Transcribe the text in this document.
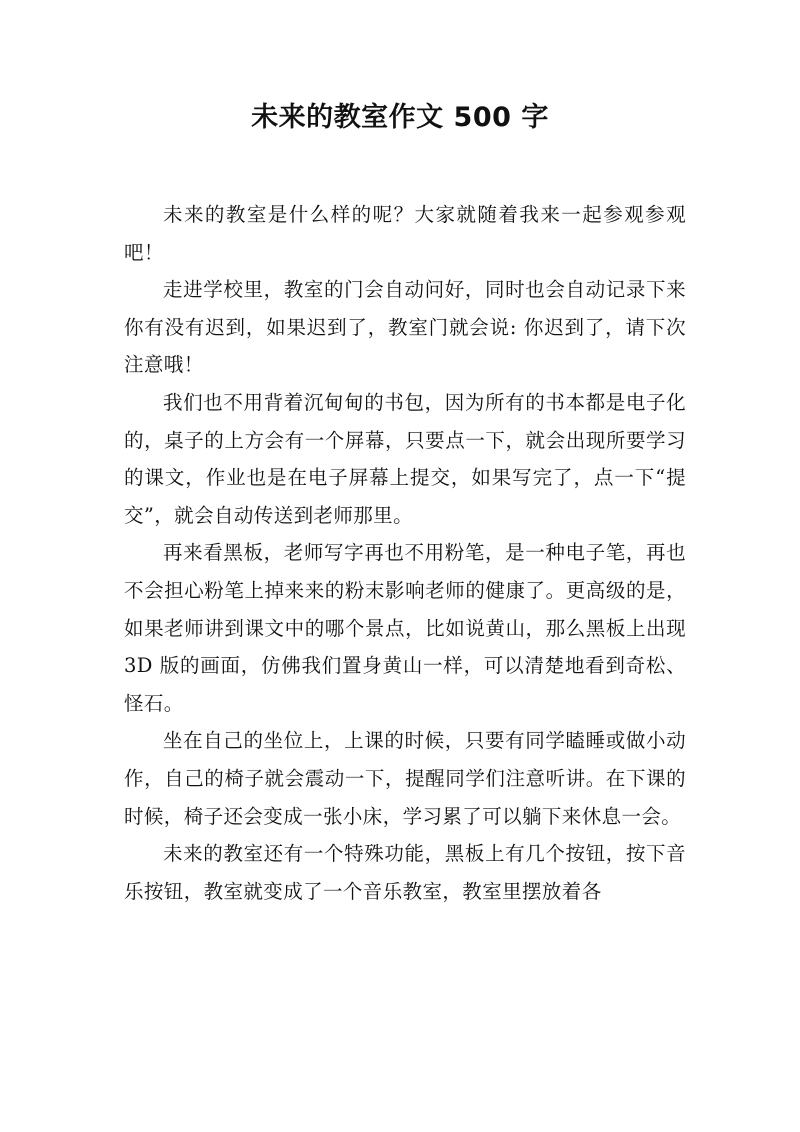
未来的教室作文 500 字

未来的教室是什么样的呢？大家就随着我来一起参观参观吧！

走进学校里，教室的门会自动问好，同时也会自动记录下来你有没有迟到，如果迟到了，教室门就会说: 你迟到了，请下次注意哦！

我们也不用背着沉甸甸的书包，因为所有的书本都是电子化的，桌子的上方会有一个屏幕，只要点一下，就会出现所要学习的课文，作业也是在电子屏幕上提交，如果写完了，点一下“提交”，就会自动传送到老师那里。

再来看黑板，老师写字再也不用粉笔，是一种电子笔，再也不会担心粉笔上掉来来的粉末影响老师的健康了。更高级的是，如果老师讲到课文中的哪个景点，比如说黄山，那么黑板上出现 3D 版的画面，仿佛我们置身黄山一样，可以清楚地看到奇松、怪石。

坐在自己的坐位上，上课的时候，只要有同学瞌睡或做小动作，自己的椅子就会震动一下，提醒同学们注意听讲。在下课的时候，椅子还会变成一张小床，学习累了可以躺下来休息一会。

未来的教室还有一个特殊功能，黑板上有几个按钮，按下音乐按钮，教室就变成了一个音乐教室，教室里摆放着各
